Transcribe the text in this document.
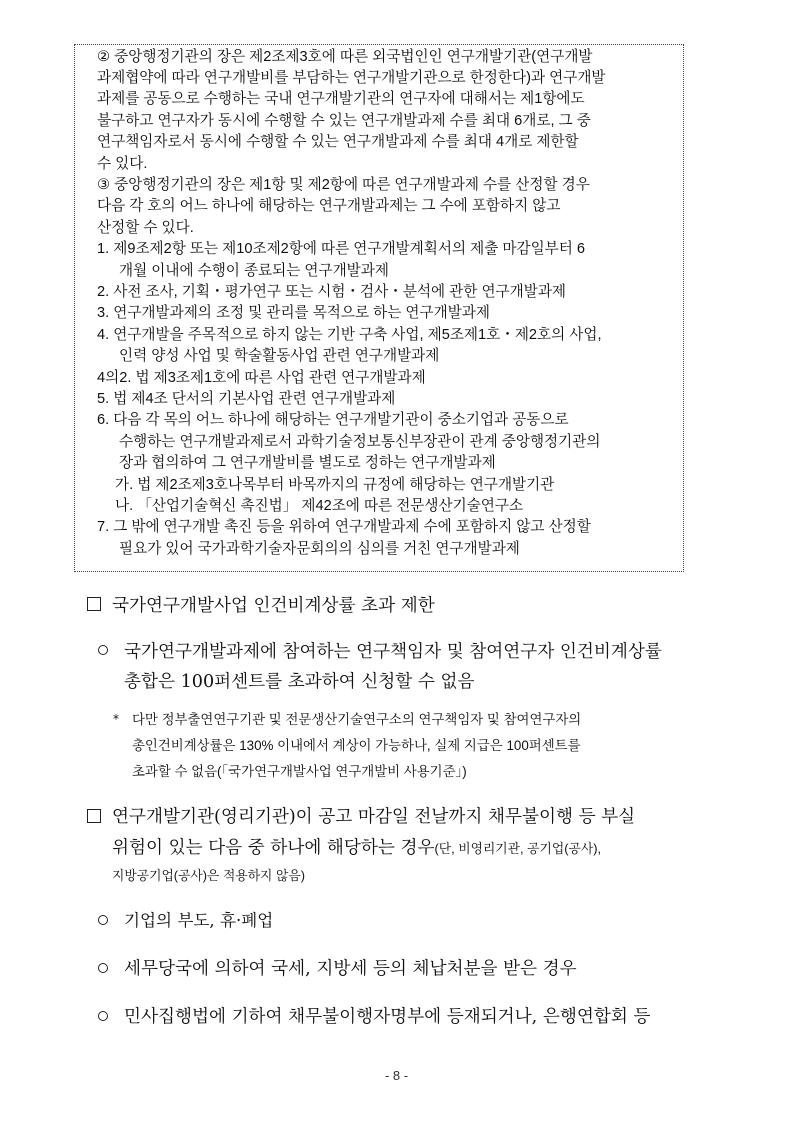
② 중앙행정기관의 장은 제2조제3호에 따른 외국법인인 연구개발기관(연구개발
과제협약에 따라 연구개발비를 부담하는 연구개발기관으로 한정한다)과 연구개발
과제를 공동으로 수행하는 국내 연구개발기관의 연구자에 대해서는 제1항에도
불구하고 연구자가 동시에 수행할 수 있는 연구개발과제 수를 최대 6개로, 그 중
연구책임자로서 동시에 수행할 수 있는 연구개발과제 수를 최대 4개로 제한할
수 있다.
③ 중앙행정기관의 장은 제1항 및 제2항에 따른 연구개발과제 수를 산정할 경우
다음 각 호의 어느 하나에 해당하는 연구개발과제는 그 수에 포함하지 않고
산정할 수 있다.
1. 제9조제2항 또는 제10조제2항에 따른 연구개발계획서의 제출 마감일부터 6
개월 이내에 수행이 종료되는 연구개발과제
2. 사전 조사, 기획・평가연구 또는 시험・검사・분석에 관한 연구개발과제
3. 연구개발과제의 조정 및 관리를 목적으로 하는 연구개발과제
4. 연구개발을 주목적으로 하지 않는 기반 구축 사업, 제5조제1호・제2호의 사업,
인력 양성 사업 및 학술활동사업 관련 연구개발과제
4의2. 법 제3조제1호에 따른 사업 관련 연구개발과제
5. 법 제4조 단서의 기본사업 관련 연구개발과제
6. 다음 각 목의 어느 하나에 해당하는 연구개발기관이 중소기업과 공동으로
수행하는 연구개발과제로서 과학기술정보통신부장관이 관계 중앙행정기관의
장과 협의하여 그 연구개발비를 별도로 정하는 연구개발과제
가. 법 제2조제3호나목부터 바목까지의 규정에 해당하는 연구개발기관
나. 「산업기술혁신 촉진법」 제42조에 따른 전문생산기술연구소
7. 그 밖에 연구개발 촉진 등을 위하여 연구개발과제 수에 포함하지 않고 산정할
필요가 있어 국가과학기술자문회의의 심의를 거친 연구개발과제
국가연구개발사업 인건비계상률 초과 제한
국가연구개발과제에 참여하는 연구책임자 및 참여연구자 인건비계상률
총합은 100퍼센트를 초과하여 신청할 수 없음
* 다만 정부출연연구기관 및 전문생산기술연구소의 연구책임자 및 참여연구자의
총인건비계상률은 130% 이내에서 계상이 가능하나, 실제 지급은 100퍼센트를
초과할 수 없음(「국가연구개발사업 연구개발비 사용기준」)
연구개발기관(영리기관)이 공고 마감일 전날까지 채무불이행 등 부실
위험이 있는 다음 중 하나에 해당하는 경우(단, 비영리기관, 공기업(공사),
지방공기업(공사)은 적용하지 않음)
기업의 부도, 휴·폐업
세무당국에 의하여 국세, 지방세 등의 체납처분을 받은 경우
민사집행법에 기하여 채무불이행자명부에 등재되거나, 은행연합회 등
- 8 -
